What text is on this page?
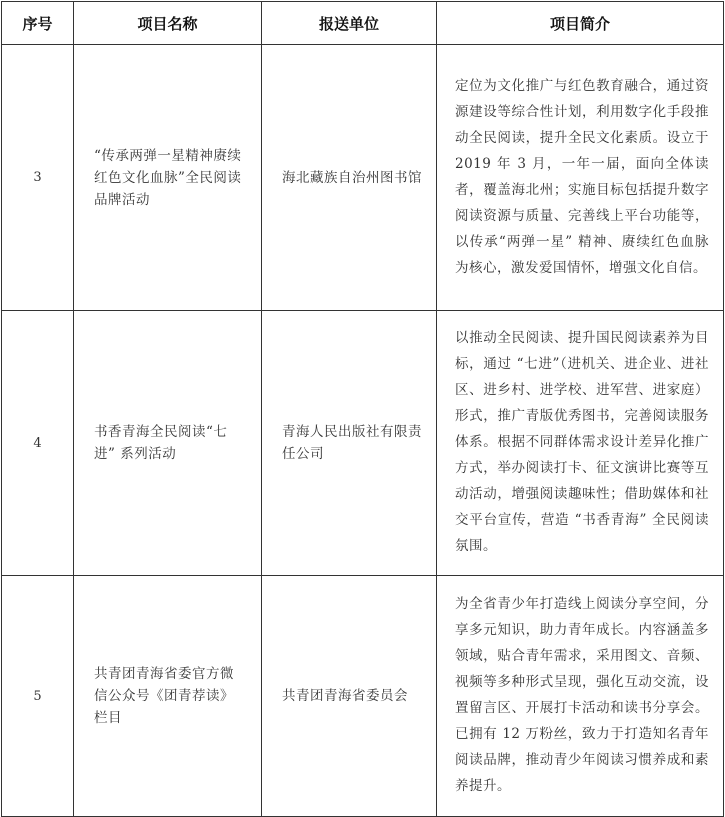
序号	项目名称	报送单位	项目简介
3	“传承两弹一星精神赓续红色文化血脉”全民阅读品牌活动	海北藏族自治州图书馆	定位为文化推广与红色教育融合，通过资源建设等综合性计划，利用数字化手段推动全民阅读，提升全民文化素质。设立于 2019 年 3 月，一年一届，面向全体读者，覆盖海北州；实施目标包括提升数字阅读资源与质量、完善线上平台功能等，以传承“两弹一星” 精神、赓续红色血脉为核心，激发爱国情怀，增强文化自信。
4	书香青海全民阅读“七进” 系列活动	青海人民出版社有限责任公司	以推动全民阅读、提升国民阅读素养为目标，通过 “七进”（进机关、进企业、进社区、进乡村、进学校、进军营、进家庭）形式，推广青版优秀图书，完善阅读服务体系。根据不同群体需求设计差异化推广方式，举办阅读打卡、征文演讲比赛等互动活动，增强阅读趣味性；借助媒体和社交平台宣传，营造 “书香青海” 全民阅读氛围。
5	共青团青海省委官方微信公众号《团青荐读》栏目	共青团青海省委员会	为全省青少年打造线上阅读分享空间，分享多元知识，助力青年成长。内容涵盖多领域，贴合青年需求，采用图文、音频、视频等多种形式呈现，强化互动交流，设置留言区、开展打卡活动和读书分享会。已拥有 12 万粉丝，致力于打造知名青年阅读品牌，推动青少年阅读习惯养成和素养提升。
